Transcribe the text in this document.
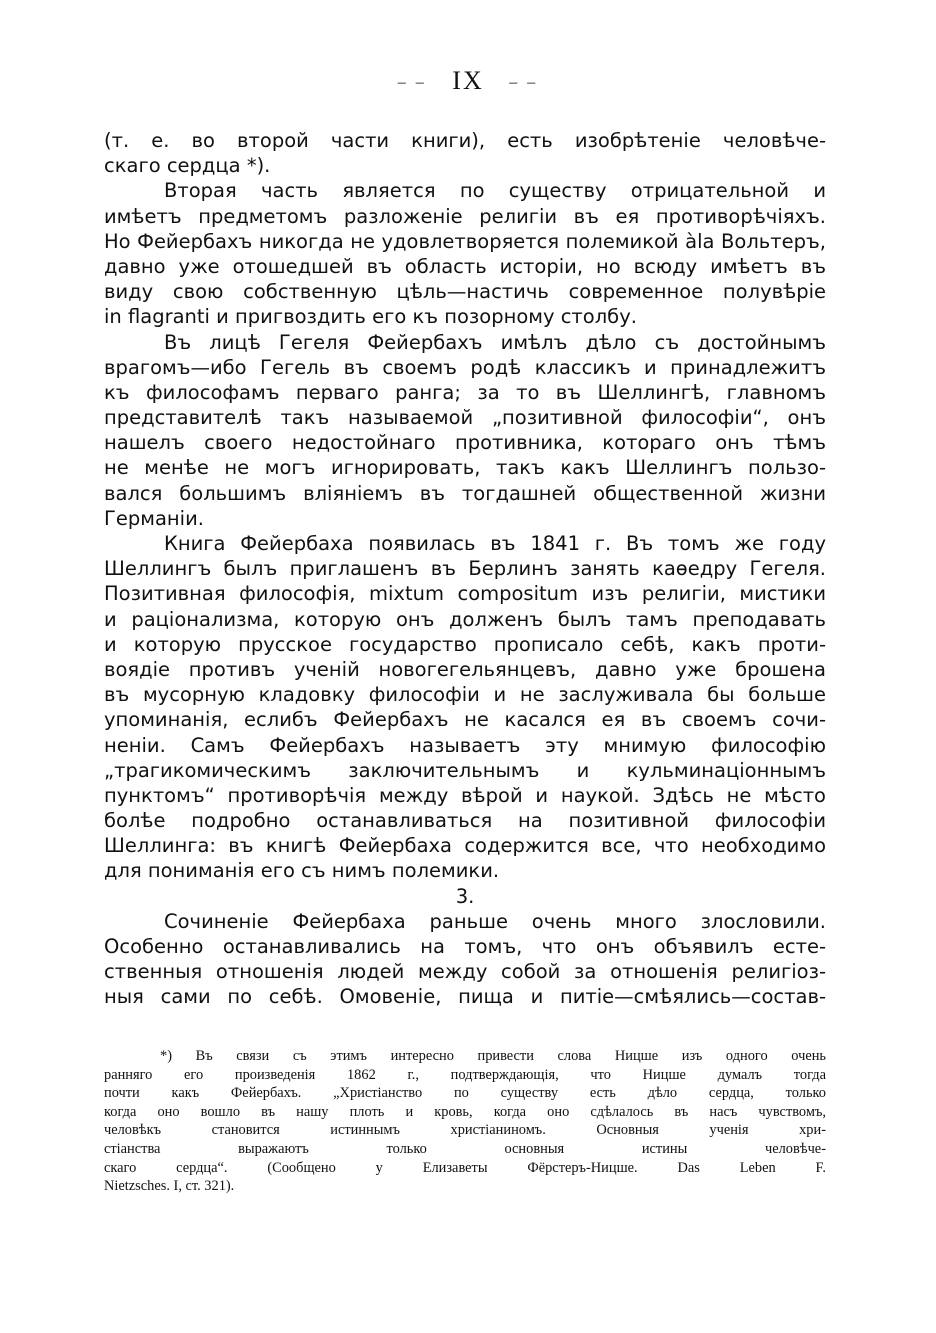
– – IX – –
(т. е. во второй части книги), есть изобрѣтеніе человѣче-
скаго сердца *).
Вторая часть является по существу отрицательной и
имѣетъ предметомъ разложеніе религіи въ ея противорѣчіяхъ.
Но Фейербахъ никогда не удовлетворяется полемикой àla Вольтеръ,
давно уже отошедшей въ область исторіи, но всюду имѣетъ въ
виду свою собственную цѣль—настичь современное полувѣріе
in flagranti и пригвоздить его къ позорному столбу.
Въ лицѣ Гегеля Фейербахъ имѣлъ дѣло съ достойнымъ
врагомъ—ибо Гегель въ своемъ родѣ классикъ и принадлежитъ
къ философамъ перваго ранга; за то въ Шеллингѣ, главномъ
представителѣ такъ называемой „позитивной философіи“, онъ
нашелъ своего недостойнаго противника, котораго онъ тѣмъ
не менѣе не могъ игнорировать, такъ какъ Шеллингъ пользо-
вался большимъ вліяніемъ въ тогдашней общественной жизни
Германіи.
Книга Фейербаха появилась въ 1841 г. Въ томъ же году
Шеллингъ былъ приглашенъ въ Берлинъ занять каѳедру Гегеля.
Позитивная философія, mixtum compositum изъ религіи, мистики
и раціонализма, которую онъ долженъ былъ тамъ преподавать
и которую прусское государство прописало себѣ, какъ проти-
воядіе противъ ученій новогегельянцевъ, давно уже брошена
въ мусорную кладовку философіи и не заслуживала бы больше
упоминанія, еслибъ Фейербахъ не касался ея въ своемъ сочи-
неніи. Самъ Фейербахъ называетъ эту мнимую философію
„трагикомическимъ заключительнымъ и кульминаціоннымъ
пунктомъ“ противорѣчія между вѣрой и наукой. Здѣсь не мѣсто
болѣе подробно останавливаться на позитивной философіи
Шеллинга: въ книгѣ Фейербаха содержится все, что необходимо
для пониманія его съ нимъ полемики.
3.
Сочиненіе Фейербаха раньше очень много злословили.
Особенно останавливались на томъ, что онъ объявилъ есте-
ственныя отношенія людей между собой за отношенія религіоз-
ныя сами по себѣ. Омовеніе, пища и питіе—смѣялись—состав-
*) Въ связи съ этимъ интересно привести слова Ницше изъ одного очень
ранняго его произведенія 1862 г., подтверждающія, что Ницше думалъ тогда
почти какъ Фейербахъ. „Христіанство по существу есть дѣло сердца, только
когда оно вошло въ нашу плоть и кровь, когда оно сдѣлалось въ насъ чувствомъ,
человѣкъ становится истиннымъ христіаниномъ. Основныя ученія хри-
стіанства выражаютъ только основныя истины человѣче-
скаго сердца“. (Сообщено у Елизаветы Фёрстеръ-Ницше. Das Leben F.
Nietzsches. I, ст. 321).
